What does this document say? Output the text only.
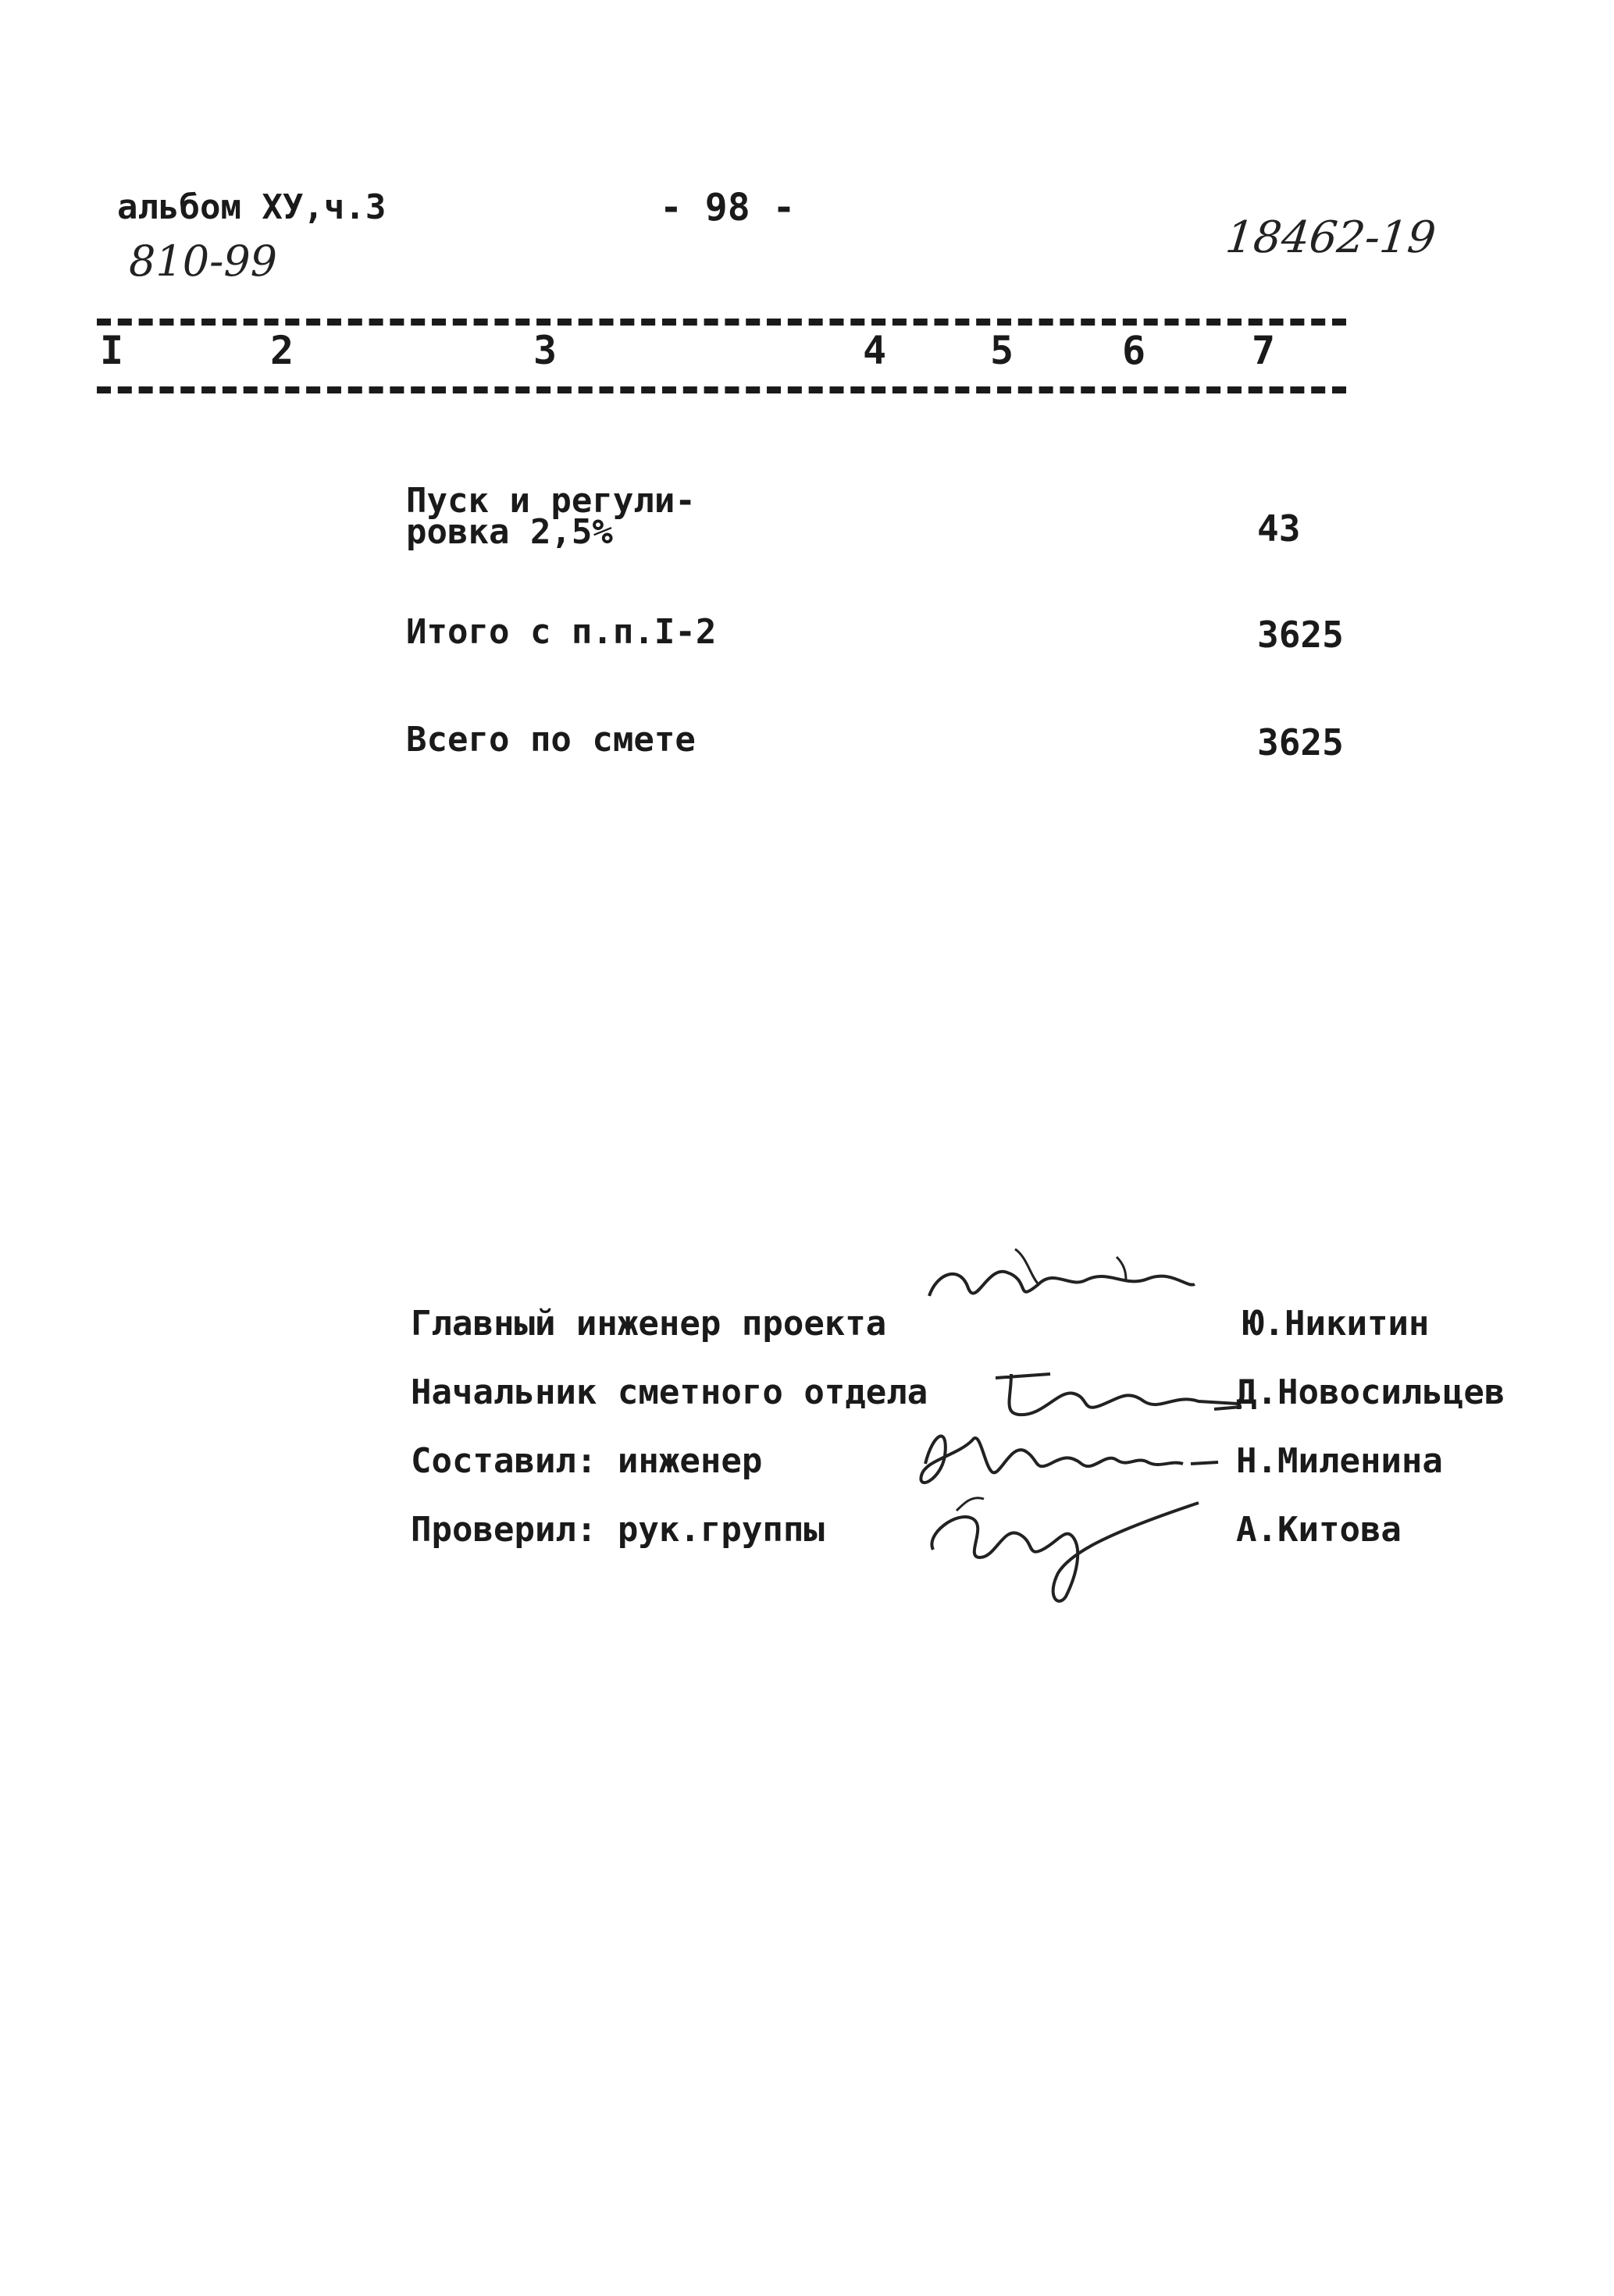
альбом ХУ,ч.3	- 98 -
810-99	18462-19
I	2	3	4	5	6	7
Пуск и регули-
ровка 2,5%	43
Итого с п.п.I-2	3625
Всего по смете	3625
Главный инженер проекта	Ю.Никитин
Начальник сметного отдела	Д.Новосильцев
Составил: инженер	Н.Миленина
Проверил: рук.группы	А.Китова
